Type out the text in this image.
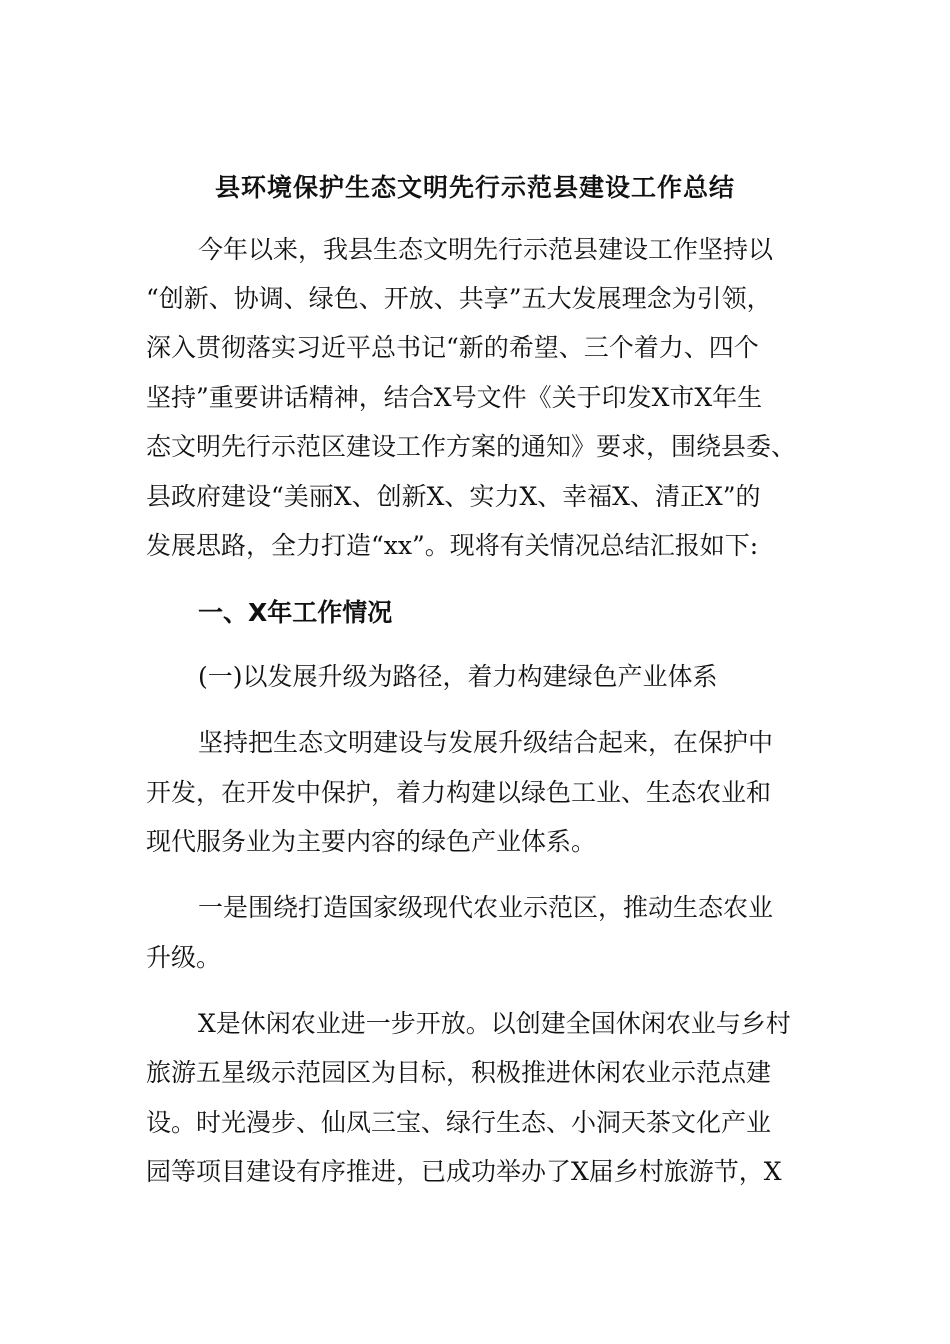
县环境保护生态文明先行示范县建设工作总结

今年以来，我县生态文明先行示范县建设工作坚持以

“创新、协调、绿色、开放、共享”五大发展理念为引领，

深入贯彻落实习近平总书记“新的希望、三个着力、四个

坚持”重要讲话精神，结合X号文件《关于印发X市X年生

态文明先行示范区建设工作方案的通知》要求，围绕县委、

县政府建设“美丽X、创新X、实力X、幸福X、清正X”的

发展思路，全力打造“xx”。现将有关情况总结汇报如下:

一、X年工作情况

(一)以发展升级为路径，着力构建绿色产业体系

坚持把生态文明建设与发展升级结合起来，在保护中

开发，在开发中保护，着力构建以绿色工业、生态农业和

现代服务业为主要内容的绿色产业体系。

一是围绕打造国家级现代农业示范区，推动生态农业

升级。

X是休闲农业进一步开放。以创建全国休闲农业与乡村

旅游五星级示范园区为目标，积极推进休闲农业示范点建

设。时光漫步、仙凤三宝、绿行生态、小洞天茶文化产业

园等项目建设有序推进，已成功举办了X届乡村旅游节，X
